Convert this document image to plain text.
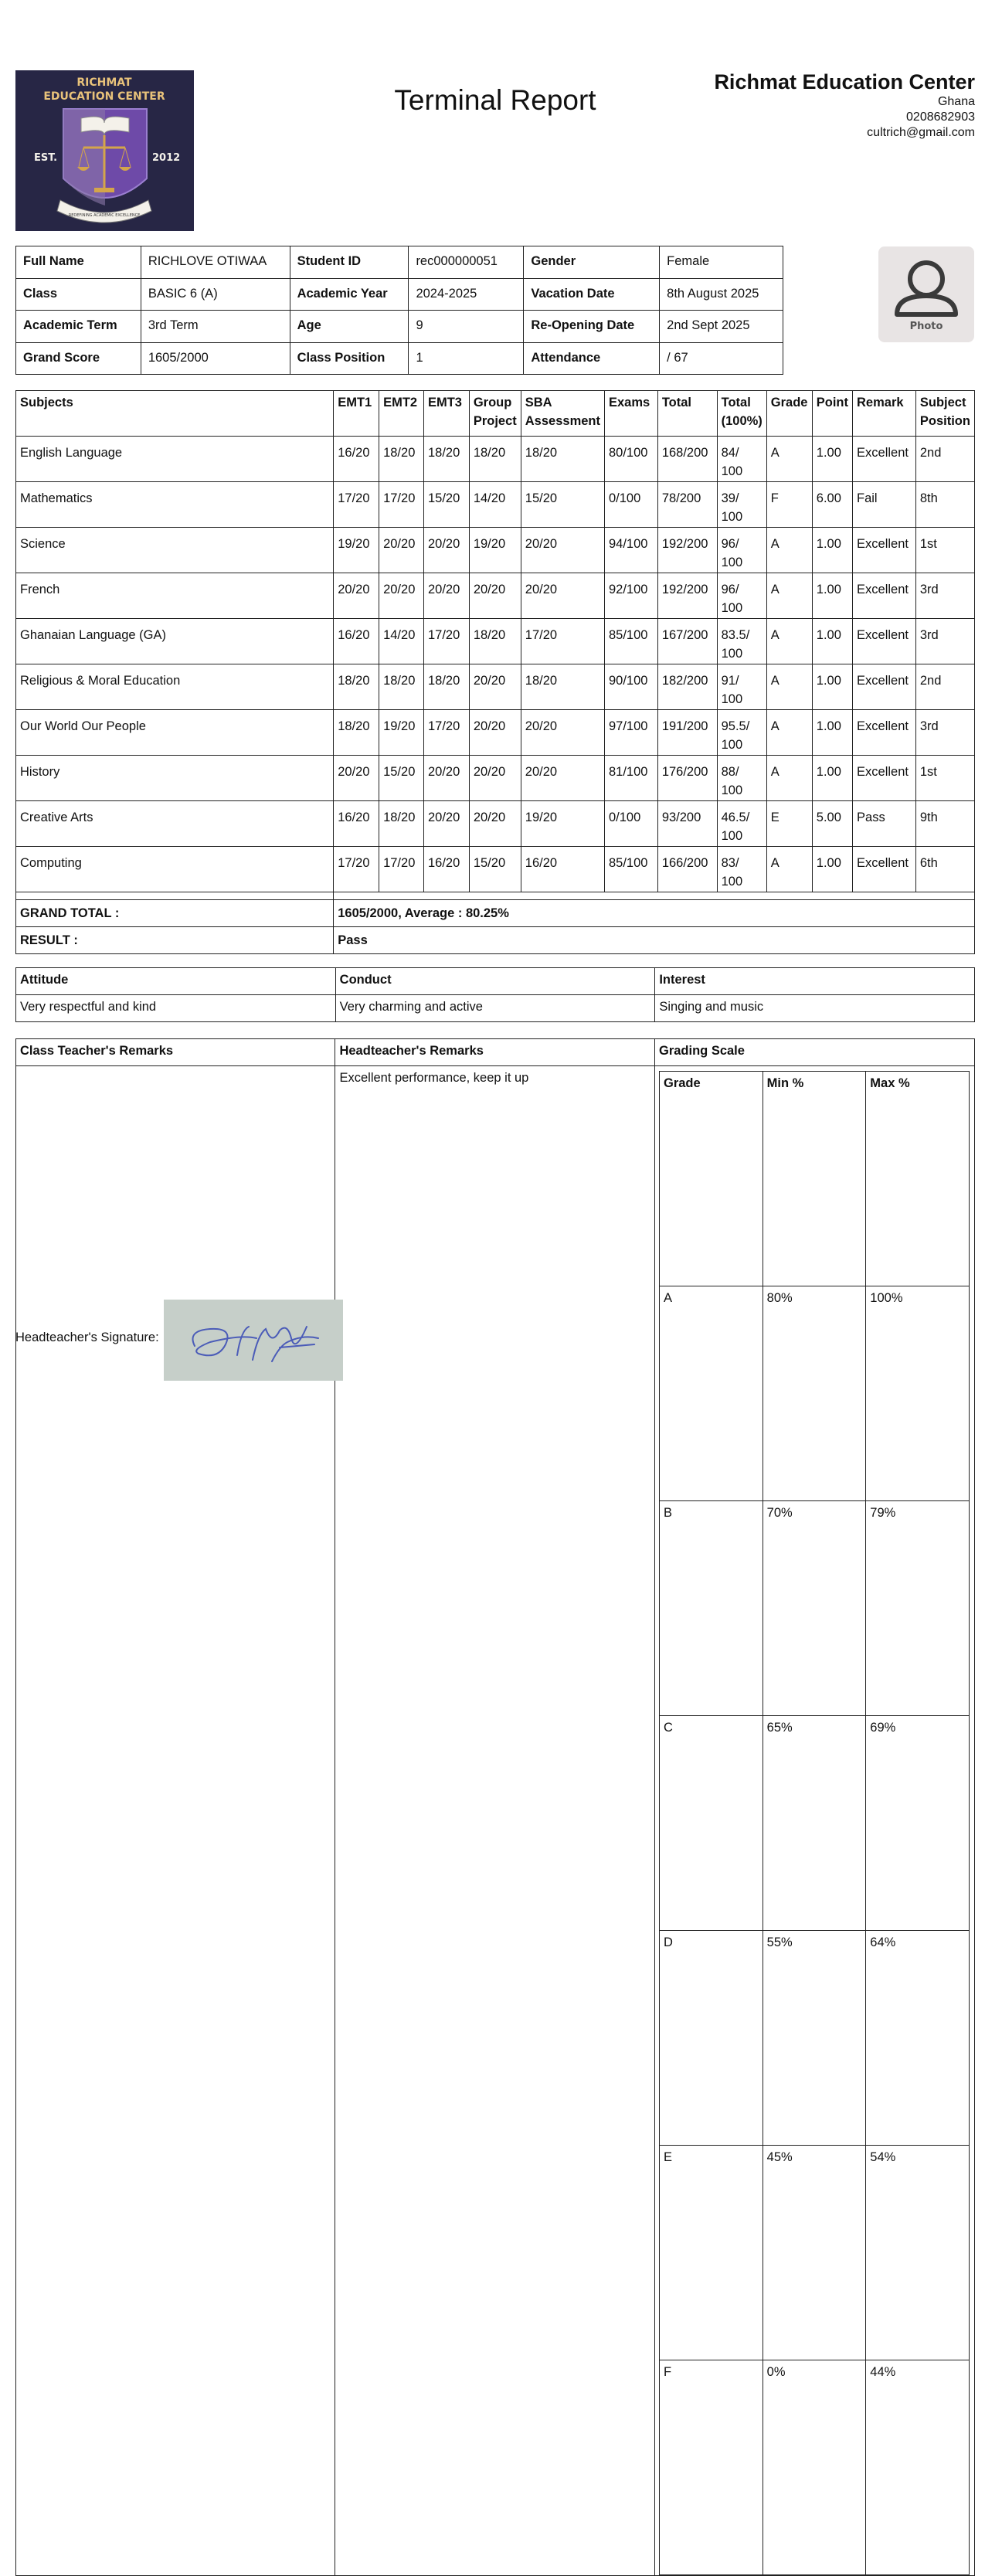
RICHMAT
EDUCATION CENTER
EST.	2012
REDEFINING ACADEMIC EXCELLENCE
Terminal Report
Richmat Education Center
Ghana
0208682903
cultrich@gmail.com
Full Name	RICHLOVE OTIWAA	Student ID	rec000000051	Gender	Female
Class	BASIC 6 (A)	Academic Year	2024-2025	Vacation Date	8th August 2025
Academic Term	3rd Term	Age	9	Re-Opening Date	2nd Sept 2025
Grand Score	1605/2000	Class Position	1	Attendance	/ 67
Photo
Subjects	EMT1	EMT2	EMT3	Group Project	SBA Assessment	Exams	Total	Total (100%)	Grade	Point	Remark	Subject Position
English Language	16/20	18/20	18/20	18/20	18/20	80/100	168/200	84/ 100	A	1.00	Excellent	2nd
Mathematics	17/20	17/20	15/20	14/20	15/20	0/100	78/200	39/ 100	F	6.00	Fail	8th
Science	19/20	20/20	20/20	19/20	20/20	94/100	192/200	96/ 100	A	1.00	Excellent	1st
French	20/20	20/20	20/20	20/20	20/20	92/100	192/200	96/ 100	A	1.00	Excellent	3rd
Ghanaian Language (GA)	16/20	14/20	17/20	18/20	17/20	85/100	167/200	83.5/ 100	A	1.00	Excellent	3rd
Religious & Moral Education	18/20	18/20	18/20	20/20	18/20	90/100	182/200	91/ 100	A	1.00	Excellent	2nd
Our World Our People	18/20	19/20	17/20	20/20	20/20	97/100	191/200	95.5/ 100	A	1.00	Excellent	3rd
History	20/20	15/20	20/20	20/20	20/20	81/100	176/200	88/ 100	A	1.00	Excellent	1st
Creative Arts	16/20	18/20	20/20	20/20	19/20	0/100	93/200	46.5/ 100	E	5.00	Pass	9th
Computing	17/20	17/20	16/20	15/20	16/20	85/100	166/200	83/ 100	A	1.00	Excellent	6th

GRAND TOTAL :	1605/2000, Average : 80.25%											
RESULT :	Pass											
Attitude	Conduct	Interest
Very respectful and kind	Very charming and active	Singing and music
Class Teacher's Remarks	Headteacher's Remarks	Grading Scale
	Excellent performance, keep it up		Grade	Min %	Max %
A	80%	100%
B	70%	79%
C	65%	69%
D	55%	64%
E	45%	54%
F	0%	44%
Headteacher's Signature:
